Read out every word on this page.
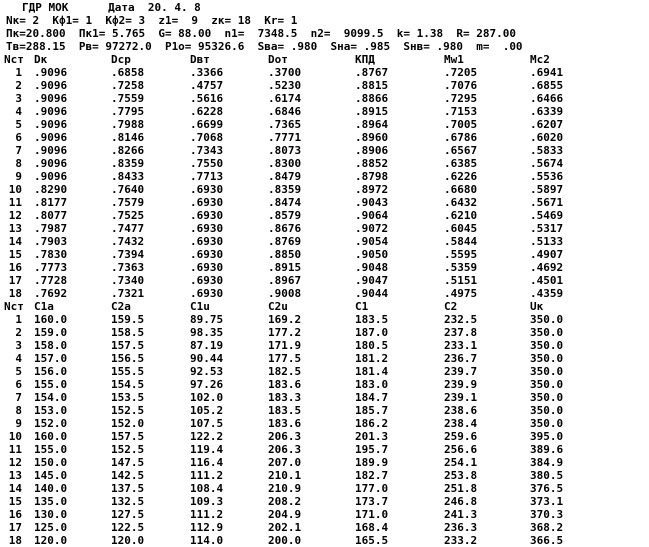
ГДР МОК      Дата  20. 4. 8
Nк= 2  Кф1= 1  Кф2= 3  z1=  9  zк= 18  Кr= 1
Пк=20.800  Пк1= 5.765  G= 88.00  n1=  7348.5  n2=  9099.5  k= 1.38  R= 287.00
Тв=288.15  Рв= 97272.0  P1о= 95326.6  Sва= .980  Sна= .985  Sнв= .980  m=  .00
Nст Dк	Dср	Dвт	Dот	КПД	Мw1	Мс2
1 .9096	.6858	.3366	.3700	.8767	.7205	.6941
2 .9096	.7258	.4757	.5230	.8815	.7076	.6855
3 .9096	.7559	.5616	.6174	.8866	.7295	.6466
4 .9096	.7795	.6228	.6846	.8915	.7153	.6339
5 .9096	.7988	.6699	.7365	.8964	.7005	.6207
6 .9096	.8146	.7068	.7771	.8960	.6786	.6020
7 .9096	.8266	.7343	.8073	.8906	.6567	.5833
8 .9096	.8359	.7550	.8300	.8852	.6385	.5674
9 .9096	.8433	.7713	.8479	.8798	.6226	.5536
10 .8290	.7640	.6930	.8359	.8972	.6680	.5897
11 .8177	.7579	.6930	.8474	.9043	.6432	.5671
12 .8077	.7525	.6930	.8579	.9064	.6210	.5469
13 .7987	.7477	.6930	.8676	.9072	.6045	.5317
14 .7903	.7432	.6930	.8769	.9054	.5844	.5133
15 .7830	.7394	.6930	.8850	.9050	.5595	.4907
16 .7773	.7363	.6930	.8915	.9048	.5359	.4692
17 .7728	.7340	.6930	.8967	.9047	.5151	.4501
18 .7692	.7321	.6930	.9008	.9044	.4975	.4359
Nст С1а	С2а	С1u	С2u	С1	С2	Uк
1 160.0	159.5	89.75	169.2	183.5	232.5	350.0
2 159.0	158.5	98.35	177.2	187.0	237.8	350.0
3 158.0	157.5	87.19	171.9	180.5	233.1	350.0
4 157.0	156.5	90.44	177.5	181.2	236.7	350.0
5 156.0	155.5	92.53	182.5	181.4	239.7	350.0
6 155.0	154.5	97.26	183.6	183.0	239.9	350.0
7 154.0	153.5	102.0	183.3	184.7	239.1	350.0
8 153.0	152.5	105.2	183.5	185.7	238.6	350.0
9 152.0	152.0	107.5	183.6	186.2	238.4	350.0
10 160.0	157.5	122.2	206.3	201.3	259.6	395.0
11 155.0	152.5	119.4	206.3	195.7	256.6	389.6
12 150.0	147.5	116.4	207.0	189.9	254.1	384.9
13 145.0	142.5	111.2	210.1	182.7	253.8	380.5
14 140.0	137.5	108.4	210.9	177.0	251.8	376.5
15 135.0	132.5	109.3	208.2	173.7	246.8	373.1
16 130.0	127.5	111.2	204.9	171.0	241.3	370.3
17 125.0	122.5	112.9	202.1	168.4	236.3	368.2
18 120.0	120.0	114.0	200.0	165.5	233.2	366.5
